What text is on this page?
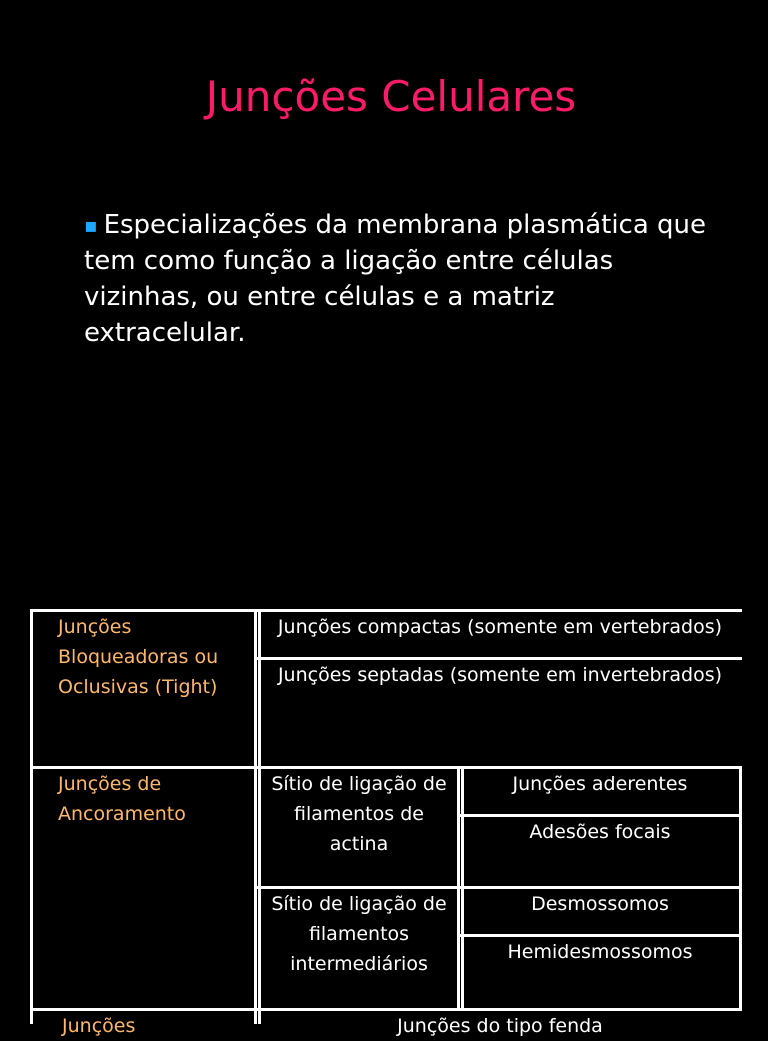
Junções Celulares
▪ Especializações da membrana plasmática que tem como função a ligação entre células vizinhas, ou entre células e a matriz extracelular.
Junções Bloqueadoras ou Oclusivas (Tight)
Junções compactas (somente em vertebrados)
Junções septadas (somente em invertebrados)
Junções de Ancoramento
Sítio de ligação de filamentos de actina
Junções aderentes
Adesões focais
Sítio de ligação de filamentos intermediários
Desmossomos
Hemidesmossomos
Junções	Junções do tipo fenda
